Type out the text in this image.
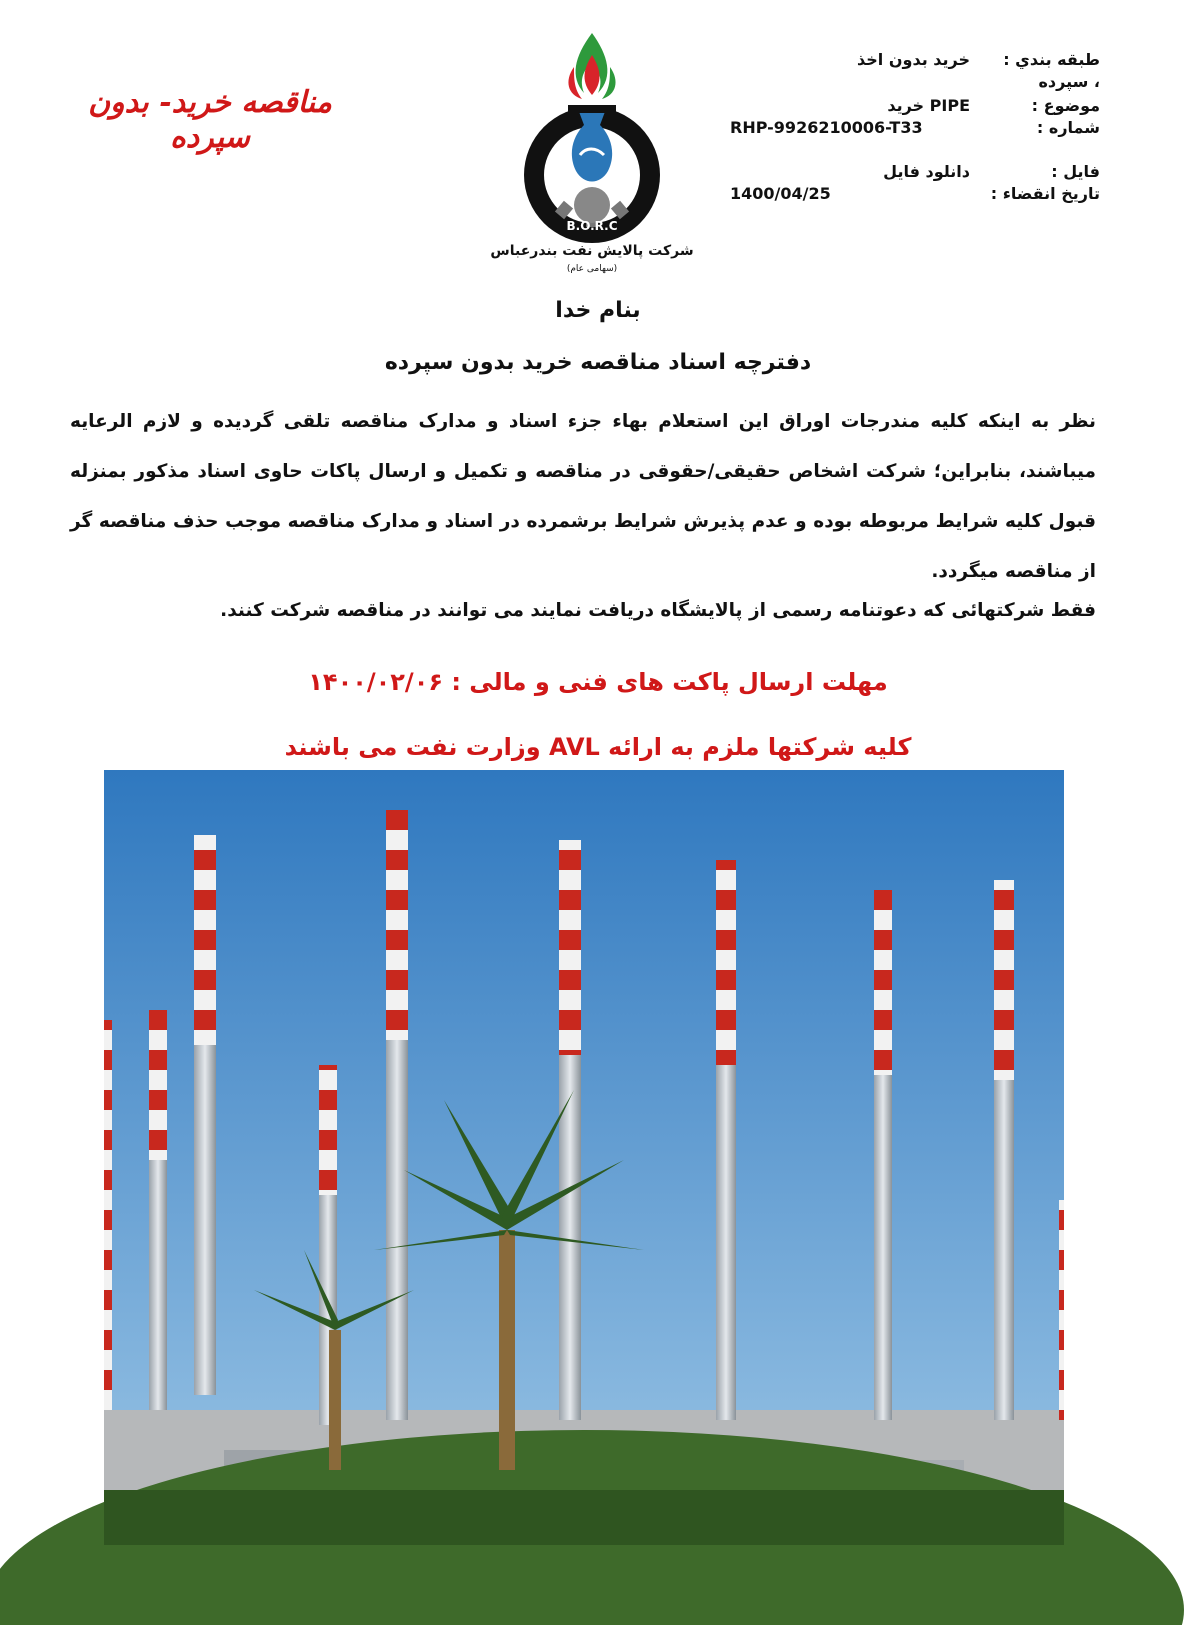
مناقصه خرید- بدون سپرده
B.O.R.C
شرکت پالایش نفت بندرعباس
(سهامی عام)
طبقه بندي :
خريد بدون اخذ
، سپرده
موضوع :
PIPE خريد
شماره :
RHP-9926210006-T33
فايل :
دانلود فايل
تاريخ انقضاء :
1400/04/25
بنام خدا
دفترچه اسناد مناقصه خرید بدون سپرده
نظر به اینکه کلیه مندرجات اوراق این استعلام بهاء جزء اسناد و مدارک مناقصه تلقی گردیده و لازم الرعایه میباشند، بنابراین؛ شرکت اشخاص حقیقی/حقوقی در مناقصه و تکمیل و ارسال پاکات حاوی اسناد مذکور بمنزله قبول کلیه شرایط مربوطه بوده و عدم پذیرش شرایط برشمرده در اسناد و مدارک مناقصه موجب حذف مناقصه گر از مناقصه میگردد.
فقط شرکتهائی که دعوتنامه رسمی از پالایشگاه دریافت نمایند می توانند در مناقصه شرکت کنند.
مهلت ارسال پاکت های فنی و مالی : ۱۴۰۰/۰۲/۰۶
کلیه شرکتها ملزم به ارائه AVL وزارت نفت می باشند
